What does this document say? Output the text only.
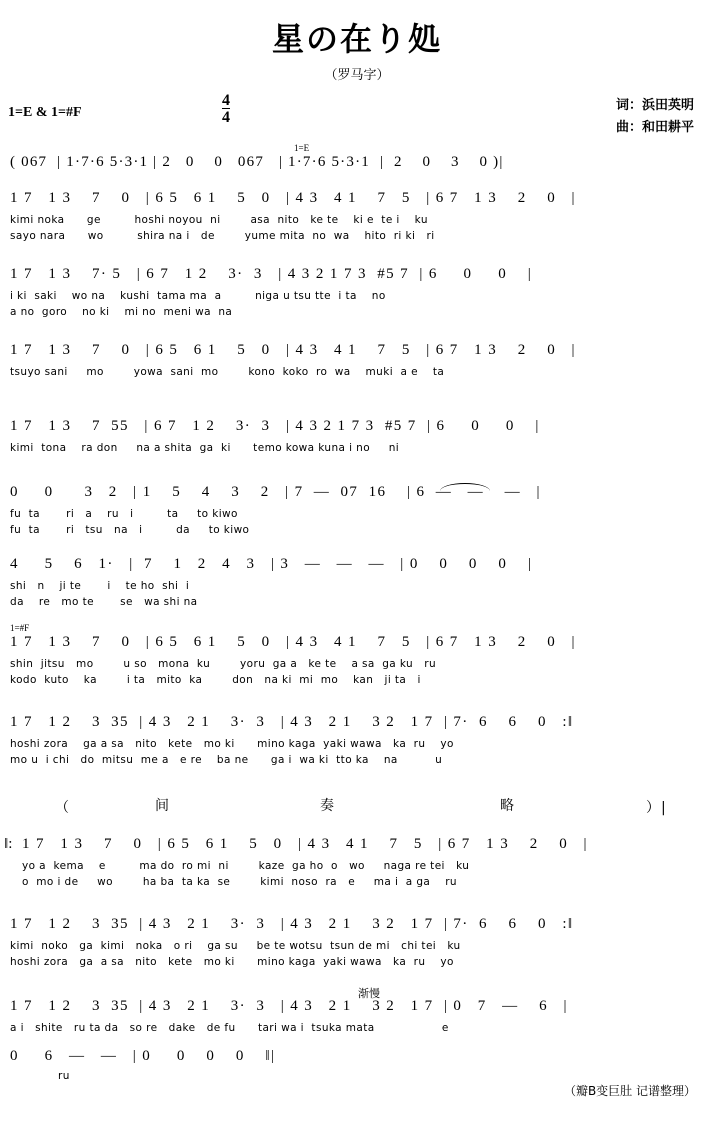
星の在り処
（罗马字）
1=E & 1=#F	$\frac{4}{4}$	词：浜田英明
曲：和田耕平
1=E
( 067  | 1·7·6 5·3·1 | 2   0    0   067   | 1·7·6 5·3·1  |  2    0    3    0 )|
1 7   1 3    7    0   | 6 5   6 1    5   0   | 4 3   4 1    7   5   | 6 7   1 3    2    0   |
kimi noka      ge         hoshi noyou  ni        asa  nito   ke te    ki e  te i    ku
sayo nara      wo         shira na i   de        yume mita  no  wa    hito  ri ki   ri
1 7   1 3    7· 5   | 6 7   1 2    3·  3   | 4 3 2 1 7 3  #5 7  | 6     0     0    |
i ki  saki    wo na    kushi  tama ma  a         niga u tsu tte  i ta    no
a no  goro    no ki    mi no  meni wa  na
1 7   1 3    7    0   | 6 5   6 1    5   0   | 4 3   4 1    7   5   | 6 7   1 3    2    0   |
tsuyo sani     mo        yowa  sani  mo        kono  koko  ro  wa    muki  a e    ta
1 7   1 3    7  55   | 6 7   1 2    3·  3   | 4 3 2 1 7 3  #5 7  | 6     0     0    |
kimi  tona    ra don     na a shita  ga  ki      temo kowa kuna i no     ni
0     0      3   2   | 1    5    4    3    2   | 7  —  07  16    | 6  —   —    —   |
fu  ta       ri   a    ru   i         ta     to kiwo
fu  ta       ri   tsu   na   i         da     to kiwo
4     5    6   1·   |  7    1   2   4   3   | 3   —   —   —   | 0    0    0    0    |
shi   n    ji te       i    te ho  shi  i
da    re   mo te       se   wa shi na
1=#F
1 7   1 3    7    0   | 6 5   6 1    5   0   | 4 3   4 1    7   5   | 6 7   1 3    2    0   |
shin  jitsu   mo        u so   mona  ku        yoru  ga a   ke te    a sa  ga ku   ru
kodo  kuto    ka        i ta   mito  ka        don   na ki  mi  mo    kan   ji ta   i
1 7   1 2    3  35  | 4 3   2 1    3·  3   | 4 3   2 1    3 2   1 7  | 7·  6    6    0   :‖
hoshi zora    ga a sa   nito   kete   mo ki      mino kaga  yaki wawa   ka  ru    yo
mo u  i chi   do  mitsu  me a   e re    ba ne      ga i  wa ki  tto ka    na          u
（	间	奏	略	）|
‖: 1 7   1 3    7    0   | 6 5   6 1    5   0   | 4 3   4 1    7   5   | 6 7   1 3    2    0   |
yo a  kema    e         ma do  ro mi  ni        kaze  ga ho  o   wo     naga re tei   ku
o  mo i de     wo        ha ba  ta ka  se        kimi  noso  ra   e     ma i  a ga    ru
1 7   1 2    3  35  | 4 3   2 1    3·  3   | 4 3   2 1    3 2   1 7  | 7·  6    6    0   :‖
kimi  noko   ga  kimi   noka   o ri    ga su     be te wotsu  tsun de mi   chi tei   ku
hoshi zora   ga  a sa   nito   kete   mo ki      mino kaga  yaki wawa   ka  ru    yo
渐慢
1 7   1 2    3  35  | 4 3   2 1    3·  3   | 4 3   2 1    3 2   1 7  | 0   7   —    6   |
a i   shite   ru ta da   so re   dake   de fu      tari wa i  tsuka mata                  e
0     6   —   —   | 0     0    0    0    ‖|
ru
（瓣B变巨肚 记谱整理）
